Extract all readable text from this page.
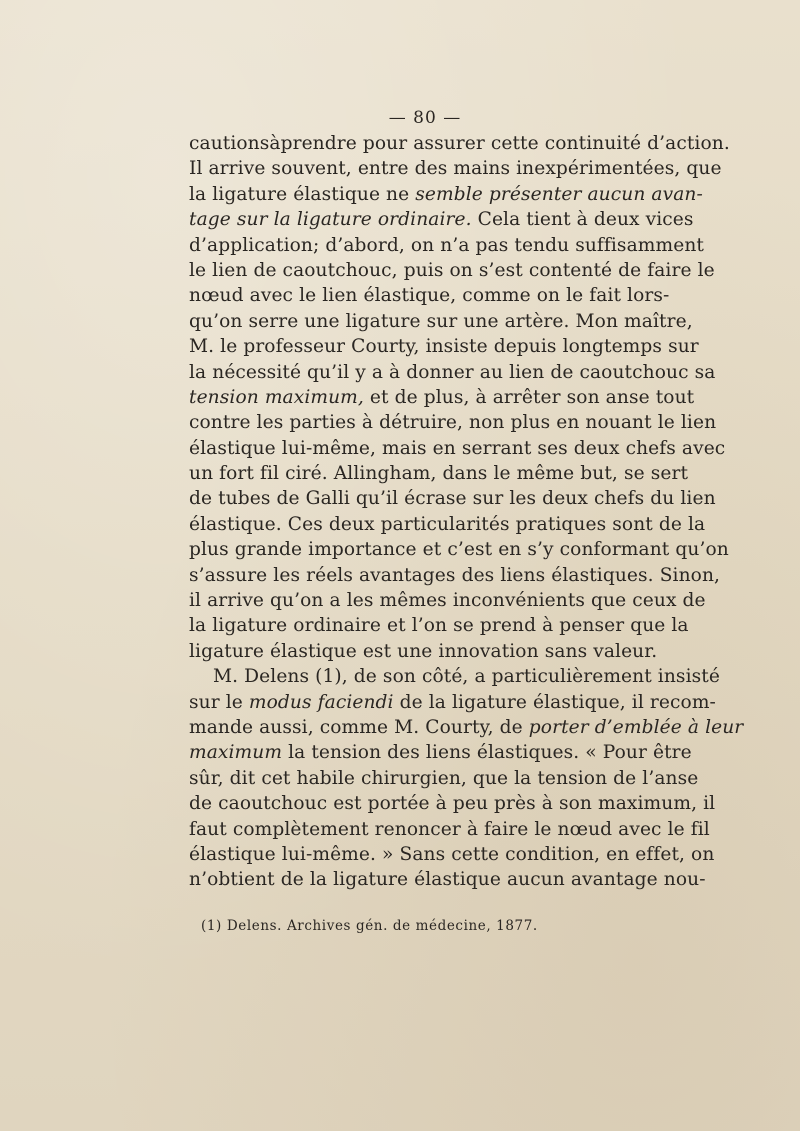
— 80 —
cautionsàprendre pour assurer cette continuité d’action.
Il arrive souvent, entre des mains inexpérimentées, que
la ligature élastique ne semble présenter aucun avan-
tage sur la ligature ordinaire. Cela tient à deux vices
d’application; d’abord, on n’a pas tendu suffisamment
le lien de caoutchouc, puis on s’est contenté de faire le
nœud avec le lien élastique, comme on le fait lors-
qu’on serre une ligature sur une artère. Mon maître,
M. le professeur Courty, insiste depuis longtemps sur
la nécessité qu’il y a à donner au lien de caoutchouc sa
tension maximum, et de plus, à arrêter son anse tout
contre les parties à détruire, non plus en nouant le lien
élastique lui-même, mais en serrant ses deux chefs avec
un fort fil ciré. Allingham, dans le même but, se sert
de tubes de Galli qu’il écrase sur les deux chefs du lien
élastique. Ces deux particularités pratiques sont de la
plus grande importance et c’est en s’y conformant qu’on
s’assure les réels avantages des liens élastiques. Sinon,
il arrive qu’on a les mêmes inconvénients que ceux de
la ligature ordinaire et l’on se prend à penser que la
ligature élastique est une innovation sans valeur.
M. Delens (1), de son côté, a particulièrement insisté
sur le modus faciendi de la ligature élastique, il recom-
mande aussi, comme M. Courty, de porter d’emblée à leur
maximum la tension des liens élastiques. « Pour être
sûr, dit cet habile chirurgien, que la tension de l’anse
de caoutchouc est portée à peu près à son maximum, il
faut complètement renoncer à faire le nœud avec le fil
élastique lui-même. » Sans cette condition, en effet, on
n’obtient de la ligature élastique aucun avantage nou-
(1) Delens. Archives gén. de médecine, 1877.
